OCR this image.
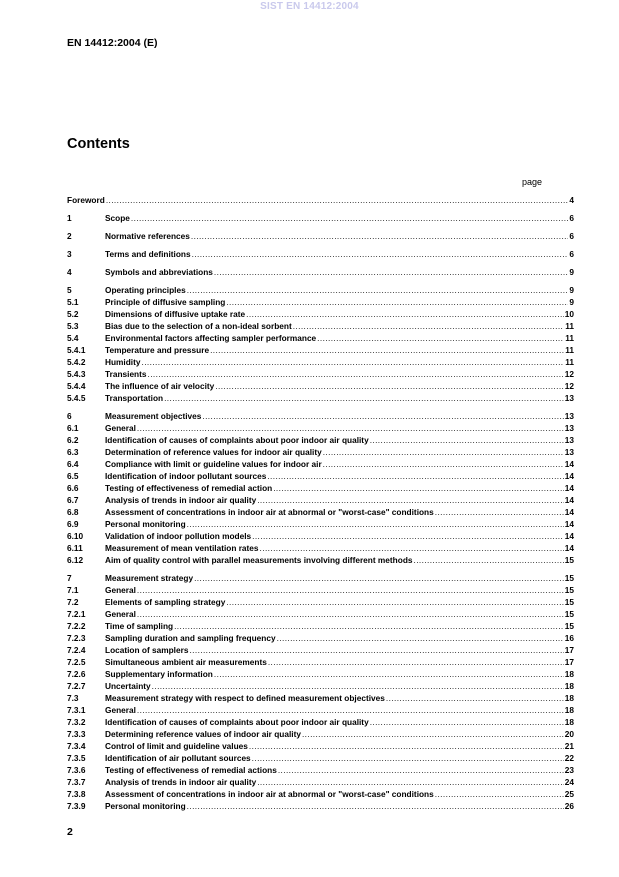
SIST EN 14412:2004
EN 14412:2004 (E)
Contents
page
Foreword .....	4
1	Scope .....	6
2	Normative references .....	6
3	Terms and definitions .....	6
4	Symbols and abbreviations .....	9
5	Operating principles .....	9
5.1	Principle of diffusive sampling .....	9
5.2	Dimensions of diffusive uptake rate .....	10
5.3	Bias due to the selection of a non-ideal sorbent .....	11
5.4	Environmental factors affecting sampler performance .....	11
5.4.1	Temperature and pressure .....	11
5.4.2	Humidity .....	11
5.4.3	Transients .....	12
5.4.4	The influence of air velocity .....	12
5.4.5	Transportation .....	13
6	Measurement objectives .....	13
6.1	General .....	13
6.2	Identification of causes of complaints about poor indoor air quality .....	13
6.3	Determination of reference values for indoor air quality .....	13
6.4	Compliance with limit or guideline values for indoor air .....	14
6.5	Identification of indoor pollutant sources .....	14
6.6	Testing of effectiveness of remedial action .....	14
6.7	Analysis of trends in indoor air quality .....	14
6.8	Assessment of concentrations in indoor air at abnormal or "worst-case" conditions .....	14
6.9	Personal monitoring .....	14
6.10	Validation of indoor pollution models .....	14
6.11	Measurement of mean ventilation rates .....	14
6.12	Aim of quality control with parallel measurements involving different methods .....	15
7	Measurement strategy .....	15
7.1	General .....	15
7.2	Elements of sampling strategy .....	15
7.2.1	General .....	15
7.2.2	Time of sampling .....	15
7.2.3	Sampling duration and sampling frequency .....	16
7.2.4	Location of samplers .....	17
7.2.5	Simultaneous ambient air measurements .....	17
7.2.6	Supplementary information .....	18
7.2.7	Uncertainty .....	18
7.3	Measurement strategy with respect to defined measurement objectives .....	18
7.3.1	General .....	18
7.3.2	Identification of causes of complaints about poor indoor air quality .....	18
7.3.3	Determining reference values of indoor air quality .....	20
7.3.4	Control of limit and guideline values .....	21
7.3.5	Identification of air pollutant sources .....	22
7.3.6	Testing of effectiveness of remedial actions .....	23
7.3.7	Analysis of trends in indoor air quality .....	24
7.3.8	Assessment of concentrations in indoor air at abnormal or "worst-case" conditions .....	25
7.3.9	Personal monitoring .....	26
2
